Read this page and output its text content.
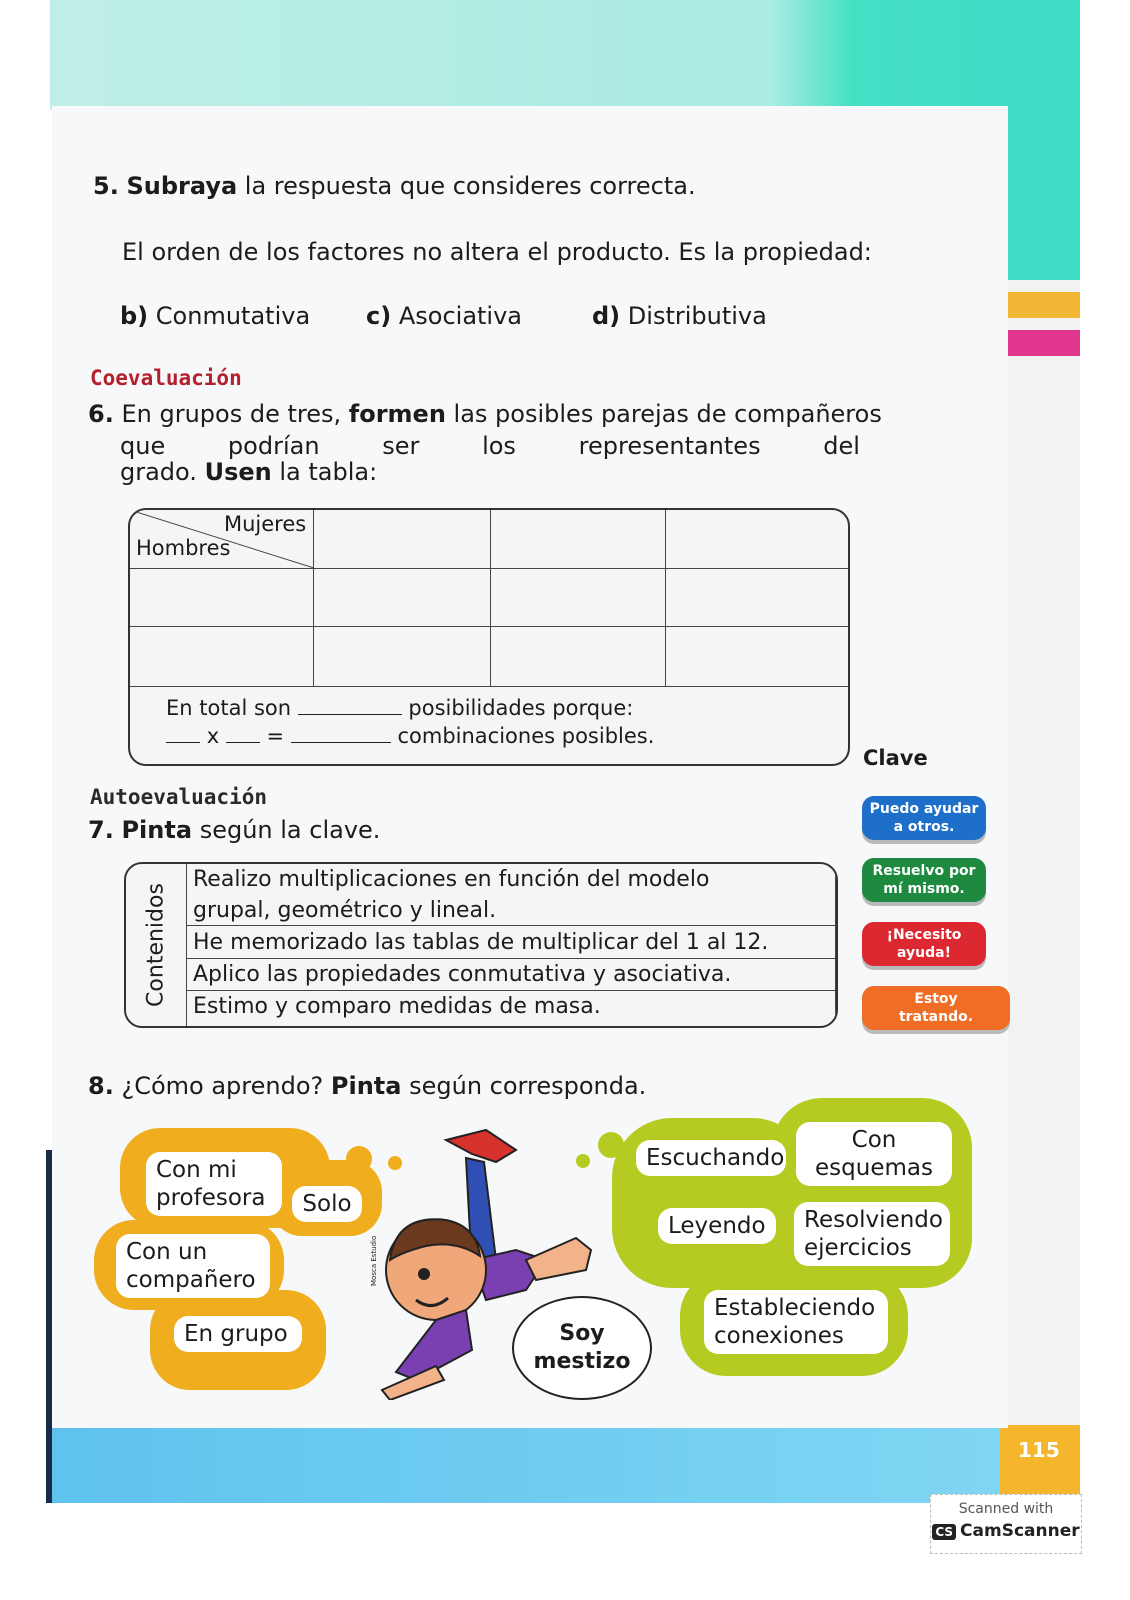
115
5. Subraya la respuesta que consideres correcta.
El orden de los factores no altera el producto. Es la propiedad:
b) Conmutativa c) Asociativa	d) Distributiva
Coevaluación
6. En grupos de tres, formen las posibles parejas de compañeros
que	podrían	ser	los	representantes	del
grado. Usen la tabla:
Mujeres
Hombres
En total son	posibilidades porque:
x =	combinaciones posibles.
Clave
Puedo ayudar a otros.
Resuelvo por mí mismo.
¡Necesito ayuda!
Estoy tratando.
Autoevaluación
7. Pinta según la clave.
Contenidos
Realizo multiplicaciones en función del modelo grupal, geométrico y lineal.
He memorizado las tablas de multiplicar del 1 al 12.
Aplico las propiedades conmutativa y asociativa.
Estimo y comparo medidas de masa.
8. ¿Cómo aprendo? Pinta según corresponda.
Con mi profesora	Solo
Con un compañero
En grupo
Mosca Estudio
Soy mestizo
Escuchando
Con esquemas
Leyendo	Resolviendo ejercicios
Estableciendo conexiones
Scanned with
CS CamScanner
